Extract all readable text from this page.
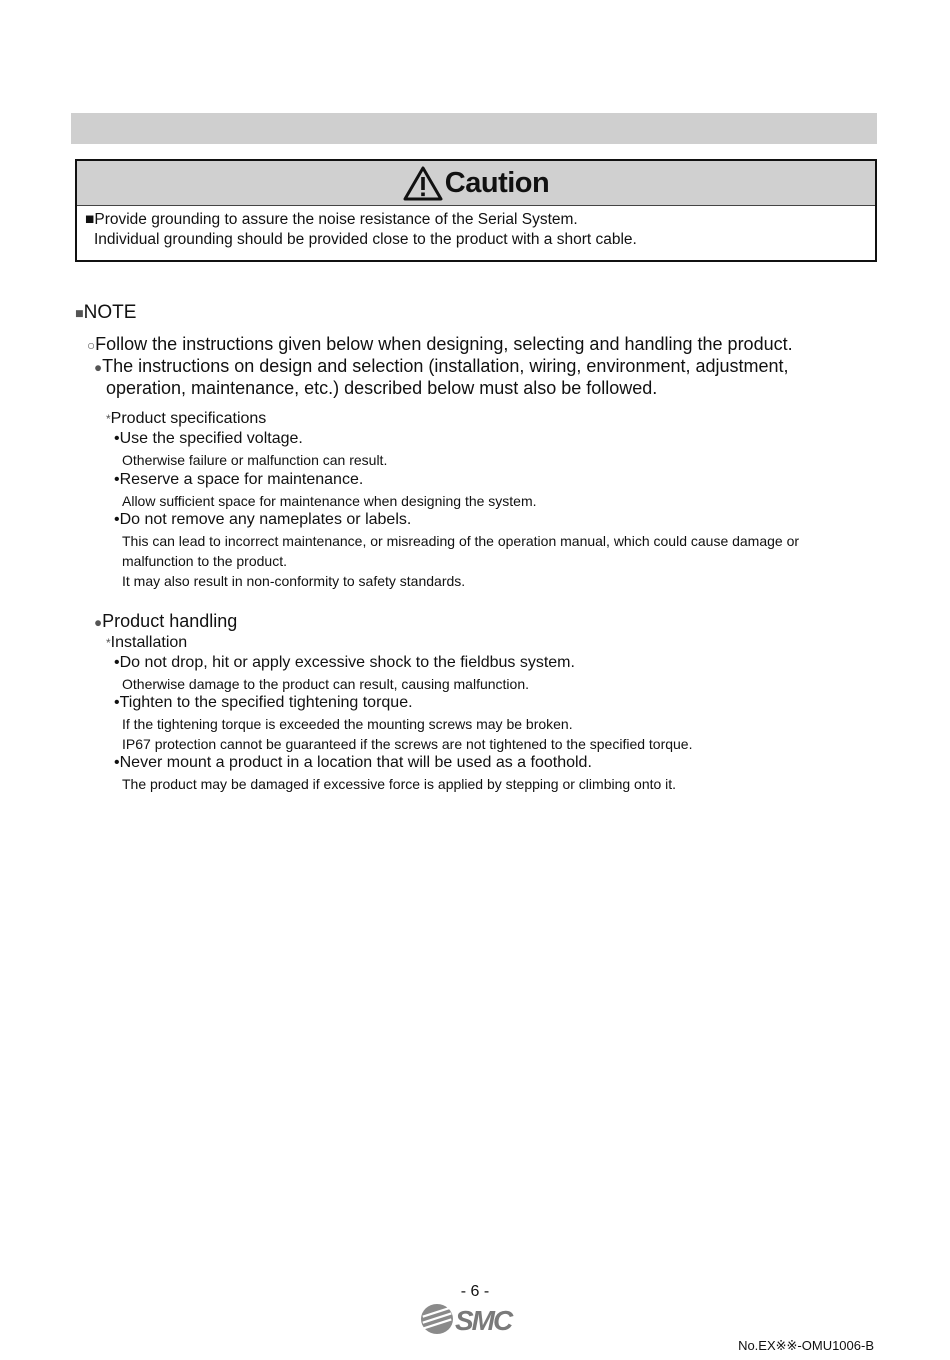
Caution
■Provide grounding to assure the noise resistance of the Serial System.
Individual grounding should be provided close to the product with a short cable.
■NOTE
○Follow the instructions given below when designing, selecting and handling the product.
●The instructions on design and selection (installation, wiring, environment, adjustment,
operation, maintenance, etc.) described below must also be followed.
*Product specifications
•Use the specified voltage.
Otherwise failure or malfunction can result.
•Reserve a space for maintenance.
Allow sufficient space for maintenance when designing the system.
•Do not remove any nameplates or labels.
This can lead to incorrect maintenance, or misreading of the operation manual, which could cause damage or
malfunction to the product.
It may also result in non-conformity to safety standards.
●Product handling
*Installation
•Do not drop, hit or apply excessive shock to the fieldbus system.
Otherwise damage to the product can result, causing malfunction.
•Tighten to the specified tightening torque.
If the tightening torque is exceeded the mounting screws may be broken.
IP67 protection cannot be guaranteed if the screws are not tightened to the specified torque.
•Never mount a product in a location that will be used as a foothold.
The product may be damaged if excessive force is applied by stepping or climbing onto it.
- 6 -
SMC
No.EX※※-OMU1006-B
